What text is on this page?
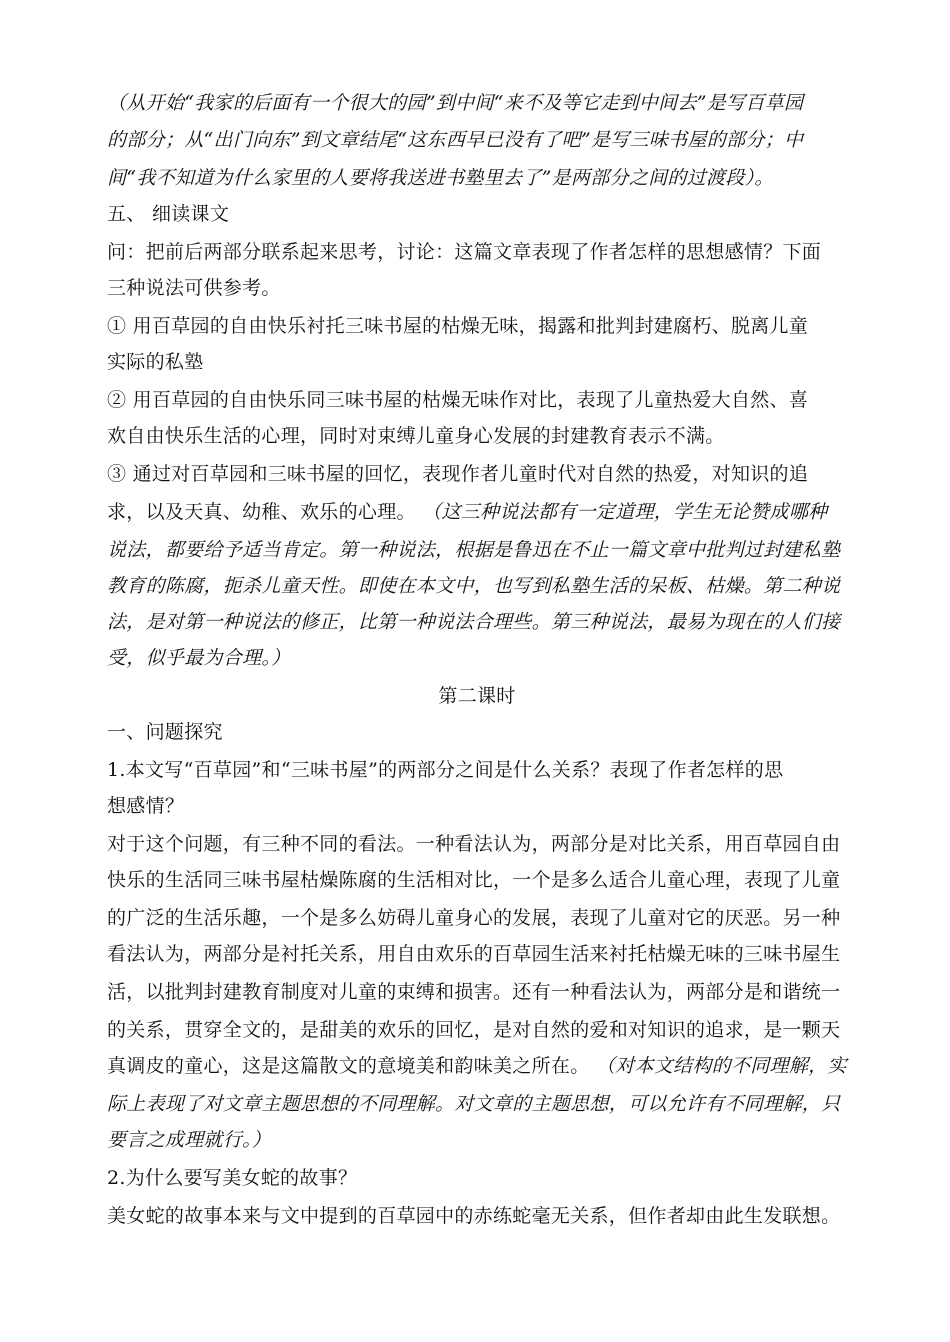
（从开始“我家的后面有一个很大的园”到中间“来不及等它走到中间去”是写百草园
的部分；从“出门向东”到文章结尾“这东西早已没有了吧”是写三味书屋的部分；中
间“我不知道为什么家里的人要将我送进书塾里去了”是两部分之间的过渡段）。
五、 细读课文
问：把前后两部分联系起来思考，讨论：这篇文章表现了作者怎样的思想感情？下面
三种说法可供参考。
① 用百草园的自由快乐衬托三味书屋的枯燥无味，揭露和批判封建腐朽、脱离儿童
实际的私塾
② 用百草园的自由快乐同三味书屋的枯燥无味作对比，表现了儿童热爱大自然、喜
欢自由快乐生活的心理，同时对束缚儿童身心发展的封建教育表示不满。
③ 通过对百草园和三味书屋的回忆，表现作者儿童时代对自然的热爱，对知识的追
求，以及天真、幼稚、欢乐的心理。 （这三种说法都有一定道理，学生无论赞成哪种
说法，都要给予适当肯定。第一种说法，根据是鲁迅在不止一篇文章中批判过封建私塾
教育的陈腐，扼杀儿童天性。即使在本文中，也写到私塾生活的呆板、枯燥。第二种说
法，是对第一种说法的修正，比第一种说法合理些。第三种说法，最易为现在的人们接
受，似乎最为合理。）
第二课时
一、问题探究
1.本文写“百草园”和“三味书屋”的两部分之间是什么关系？表现了作者怎样的思
想感情？
对于这个问题，有三种不同的看法。一种看法认为，两部分是对比关系，用百草园自由
快乐的生活同三味书屋枯燥陈腐的生活相对比，一个是多么适合儿童心理，表现了儿童
的广泛的生活乐趣，一个是多么妨碍儿童身心的发展，表现了儿童对它的厌恶。另一种
看法认为，两部分是衬托关系，用自由欢乐的百草园生活来衬托枯燥无味的三味书屋生
活，以批判封建教育制度对儿童的束缚和损害。还有一种看法认为，两部分是和谐统一
的关系，贯穿全文的，是甜美的欢乐的回忆，是对自然的爱和对知识的追求，是一颗天
真调皮的童心，这是这篇散文的意境美和韵味美之所在。 （对本文结构的不同理解，实
际上表现了对文章主题思想的不同理解。对文章的主题思想，可以允许有不同理解，只
要言之成理就行。）
2.为什么要写美女蛇的故事？
美女蛇的故事本来与文中提到的百草园中的赤练蛇毫无关系，但作者却由此生发联想。
